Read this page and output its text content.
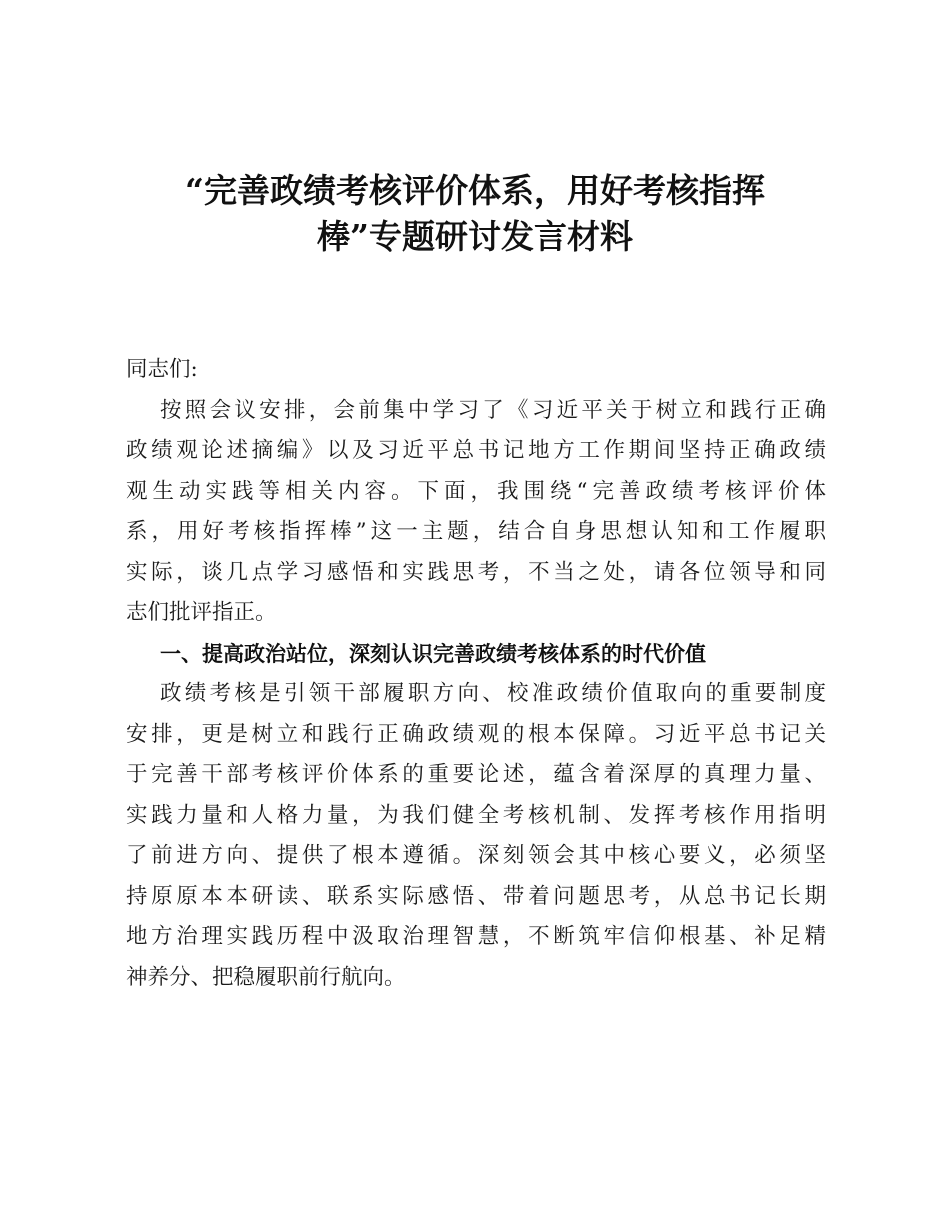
“完善政绩考核评价体系，用好考核指挥
棒”专题研讨发言材料
同志们:
按照会议安排，会前集中学习了《习近平关于树立和践行正确
政绩观论述摘编》以及习近平总书记地方工作期间坚持正确政绩
观生动实践等相关内容。下面，我围绕“完善政绩考核评价体
系，用好考核指挥棒”这一主题，结合自身思想认知和工作履职
实际，谈几点学习感悟和实践思考，不当之处，请各位领导和同
志们批评指正。
一、提高政治站位，深刻认识完善政绩考核体系的时代价值
政绩考核是引领干部履职方向、校准政绩价值取向的重要制度
安排，更是树立和践行正确政绩观的根本保障。习近平总书记关
于完善干部考核评价体系的重要论述，蕴含着深厚的真理力量、
实践力量和人格力量，为我们健全考核机制、发挥考核作用指明
了前进方向、提供了根本遵循。深刻领会其中核心要义，必须坚
持原原本本研读、联系实际感悟、带着问题思考，从总书记长期
地方治理实践历程中汲取治理智慧，不断筑牢信仰根基、补足精
神养分、把稳履职前行航向。
